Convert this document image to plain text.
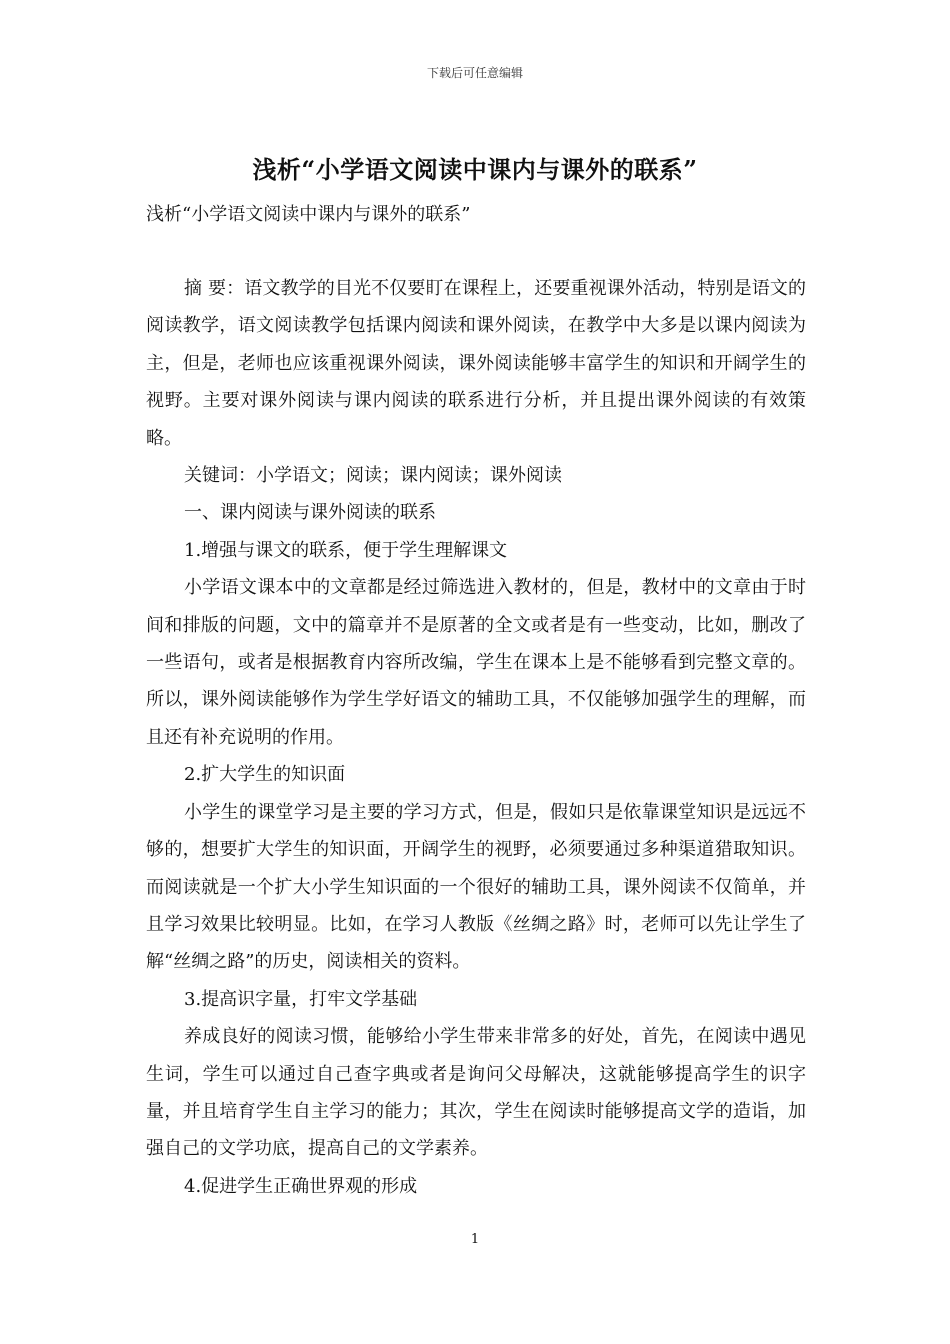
下载后可任意编辑
浅析“小学语文阅读中课内与课外的联系”
浅析“小学语文阅读中课内与课外的联系”

摘 要：语文教学的目光不仅要盯在课程上，还要重视课外活动，特别是语文的阅读教学，语文阅读教学包括课内阅读和课外阅读，在教学中大多是以课内阅读为主，但是，老师也应该重视课外阅读，课外阅读能够丰富学生的知识和开阔学生的视野。主要对课外阅读与课内阅读的联系进行分析，并且提出课外阅读的有效策略。

关键词：小学语文；阅读；课内阅读；课外阅读

一、课内阅读与课外阅读的联系

1.增强与课文的联系，便于学生理解课文

小学语文课本中的文章都是经过筛选进入教材的，但是，教材中的文章由于时间和排版的问题，文中的篇章并不是原著的全文或者是有一些变动，比如，删改了一些语句，或者是根据教育内容所改编，学生在课本上是不能够看到完整文章的。所以，课外阅读能够作为学生学好语文的辅助工具，不仅能够加强学生的理解，而且还有补充说明的作用。

2.扩大学生的知识面

小学生的课堂学习是主要的学习方式，但是，假如只是依靠课堂知识是远远不够的，想要扩大学生的知识面，开阔学生的视野，必须要通过多种渠道猎取知识。而阅读就是一个扩大小学生知识面的一个很好的辅助工具，课外阅读不仅简单，并且学习效果比较明显。比如，在学习人教版《丝绸之路》时，老师可以先让学生了解“丝绸之路”的历史，阅读相关的资料。

3.提高识字量，打牢文学基础

养成良好的阅读习惯，能够给小学生带来非常多的好处，首先，在阅读中遇见生词，学生可以通过自己查字典或者是询问父母解决，这就能够提高学生的识字量，并且培育学生自主学习的能力；其次，学生在阅读时能够提高文学的造诣，加强自己的文学功底，提高自己的文学素养。

4.促进学生正确世界观的形成

1
